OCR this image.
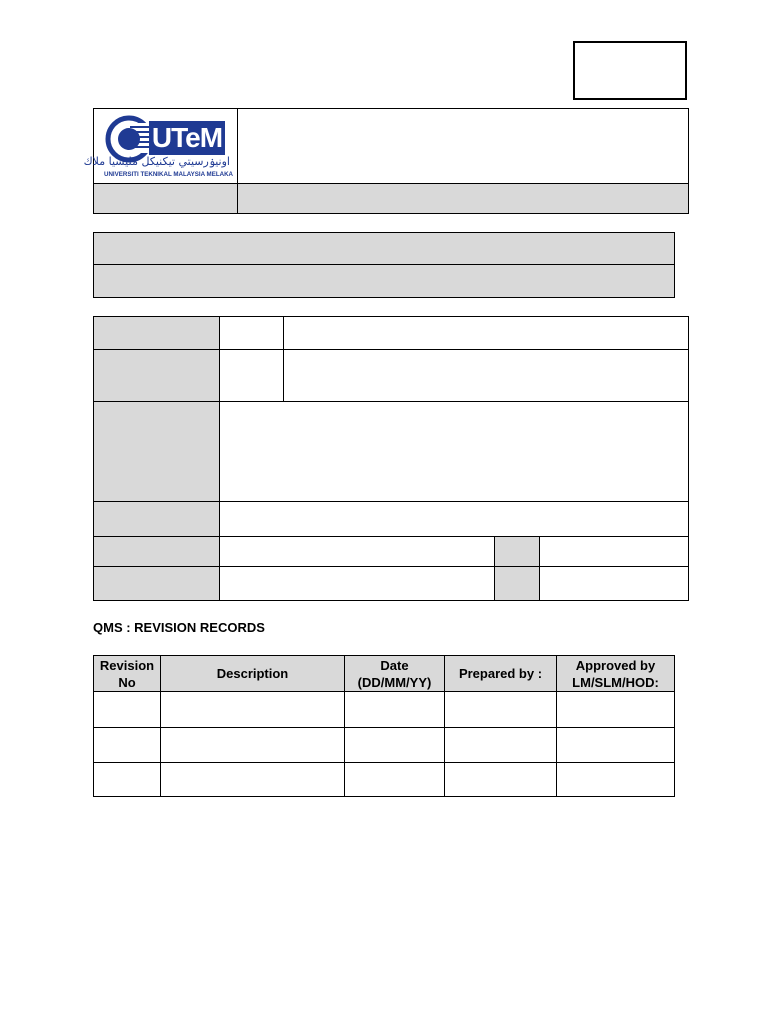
UTeM
اونيۏرسيتي تيكنيكل مليسيا ملاك
UNIVERSITI TEKNIKAL MALAYSIA MELAKA
QMS : REVISION RECORDS
Revision
No
Description
Date
(DD/MM/YY)
Prepared by :
Approved by
LM/SLM/HOD:
